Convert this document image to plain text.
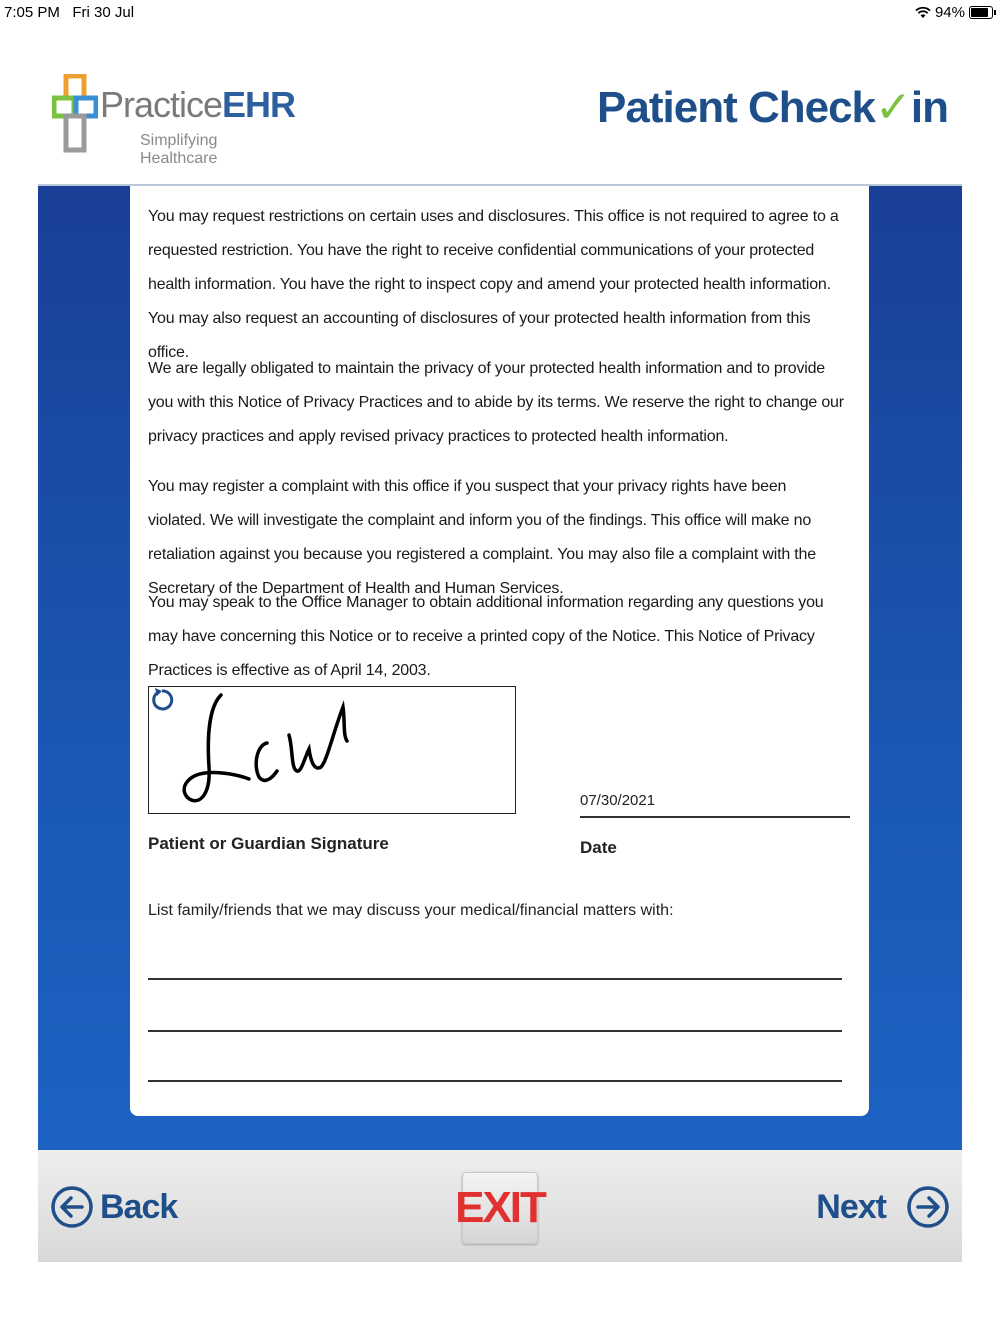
7:05 PM Fri 30 Jul	94%
PracticeEHR
Simplifying Healthcare
Patient Check✓in

You may request restrictions on certain uses and disclosures. This office is not required to agree to a requested restriction. You have the right to receive confidential communications of your protected health information. You have the right to inspect copy and amend your protected health information. You may also request an accounting of disclosures of your protected health information from this office.

We are legally obligated to maintain the privacy of your protected health information and to provide you with this Notice of Privacy Practices and to abide by its terms. We reserve the right to change our privacy practices and apply revised privacy practices to protected health information.

You may register a complaint with this office if you suspect that your privacy rights have been violated. We will investigate the complaint and inform you of the findings. This office will make no retaliation against you because you registered a complaint. You may also file a complaint with the Secretary of the Department of Health and Human Services.

You may speak to the Office Manager to obtain additional information regarding any questions you may have concerning this Notice or to receive a printed copy of the Notice. This Notice of Privacy Practices is effective as of April 14, 2003.

Patient or Guardian Signature
07/30/2021
Date
List family/friends that we may discuss your medical/financial matters with:
Back	EXIT	Next
